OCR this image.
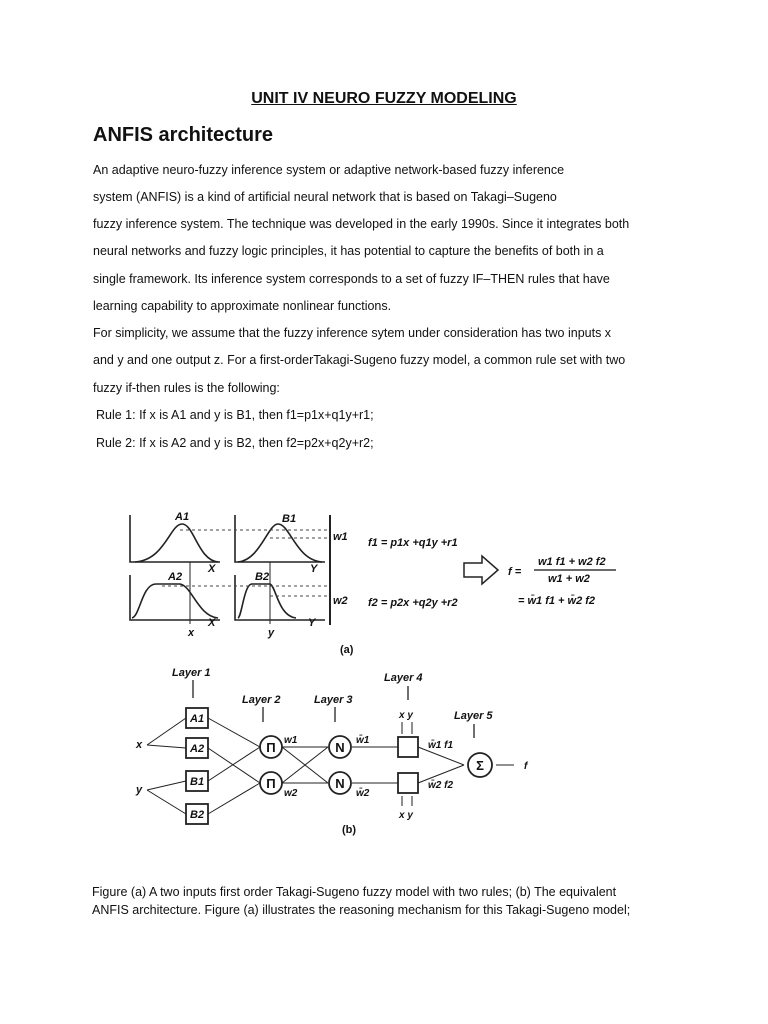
UNIT IV NEURO FUZZY MODELING
ANFIS architecture
An adaptive neuro-fuzzy inference system or adaptive network-based fuzzy inference
system (ANFIS) is a kind of artificial neural network that is based on Takagi–Sugeno
fuzzy inference system. The technique was developed in the early 1990s. Since it integrates both
neural networks and fuzzy logic principles, it has potential to capture the benefits of both in a
single framework. Its inference system corresponds to a set of fuzzy IF–THEN rules that have
learning capability to approximate nonlinear functions.
For simplicity, we assume that the fuzzy inference sytem under consideration has two inputs x
and y and one output z. For a first-orderTakagi-Sugeno fuzzy model, a common rule set with two
fuzzy if-then rules is the following:
Rule 1: If x is A1 and y is B1, then f1=p1x+q1y+r1;
Rule 2: If x is A2 and y is B2, then f2=p2x+q2y+r2;
A1	B1
A2	B2
X	Y
X	Y
x	y
w1
w2
f1 = p1x +q1y +r1
f2 = p2x +q2y +r2
f =
w1 f1 + w2 f2
w1 + w2
= w̄1 f1 + w̄2 f2
(a)
Layer 1
Layer 2	Layer 3
Layer 4
Layer 5
x
y
A1
A2
B1
B2
Π
Π
N
N
Σ
w1
w2
w̄1
w̄2
x y
x y
w̄1 f1
w̄2 f2
f
(b)
Figure (a) A two inputs first order Takagi-Sugeno fuzzy model with two rules; (b) The equivalent
ANFIS architecture. Figure (a) illustrates the reasoning mechanism for this Takagi-Sugeno model;
